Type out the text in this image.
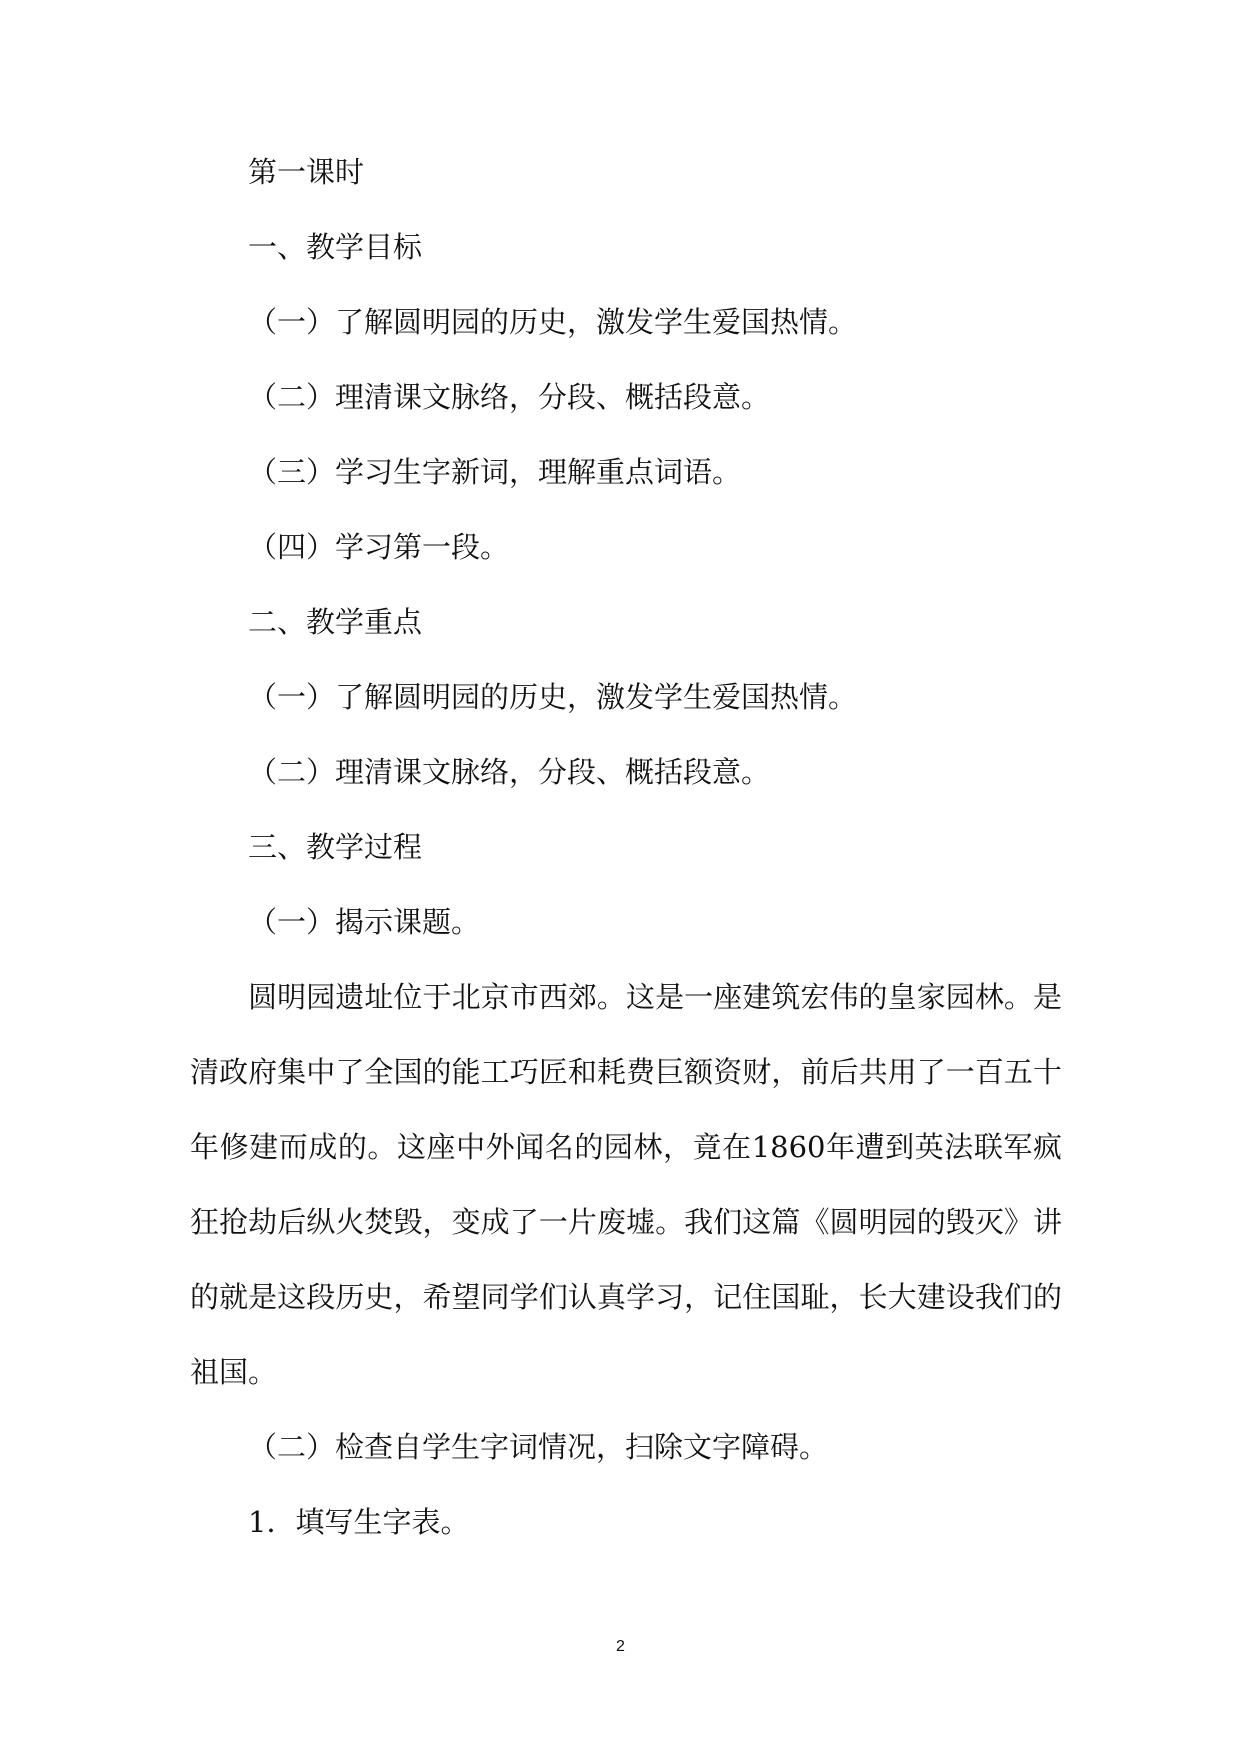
第一课时
一、教学目标
（一）了解圆明园的历史，激发学生爱国热情。
（二）理清课文脉络，分段、概括段意。
（三）学习生字新词，理解重点词语。
（四）学习第一段。
二、教学重点
（一）了解圆明园的历史，激发学生爱国热情。
（二）理清课文脉络，分段、概括段意。
三、教学过程
（一）揭示课题。
圆明园遗址位于北京市西郊。这是一座建筑宏伟的皇家园林。是清政府集中了全国的能工巧匠和耗费巨额资财，前后共用了一百五十年修建而成的。这座中外闻名的园林，竟在1860年遭到英法联军疯狂抢劫后纵火焚毁，变成了一片废墟。我们这篇《圆明园的毁灭》讲的就是这段历史，希望同学们认真学习，记住国耻，长大建设我们的祖国。
（二）检查自学生字词情况，扫除文字障碍。
1．填写生字表。
2
